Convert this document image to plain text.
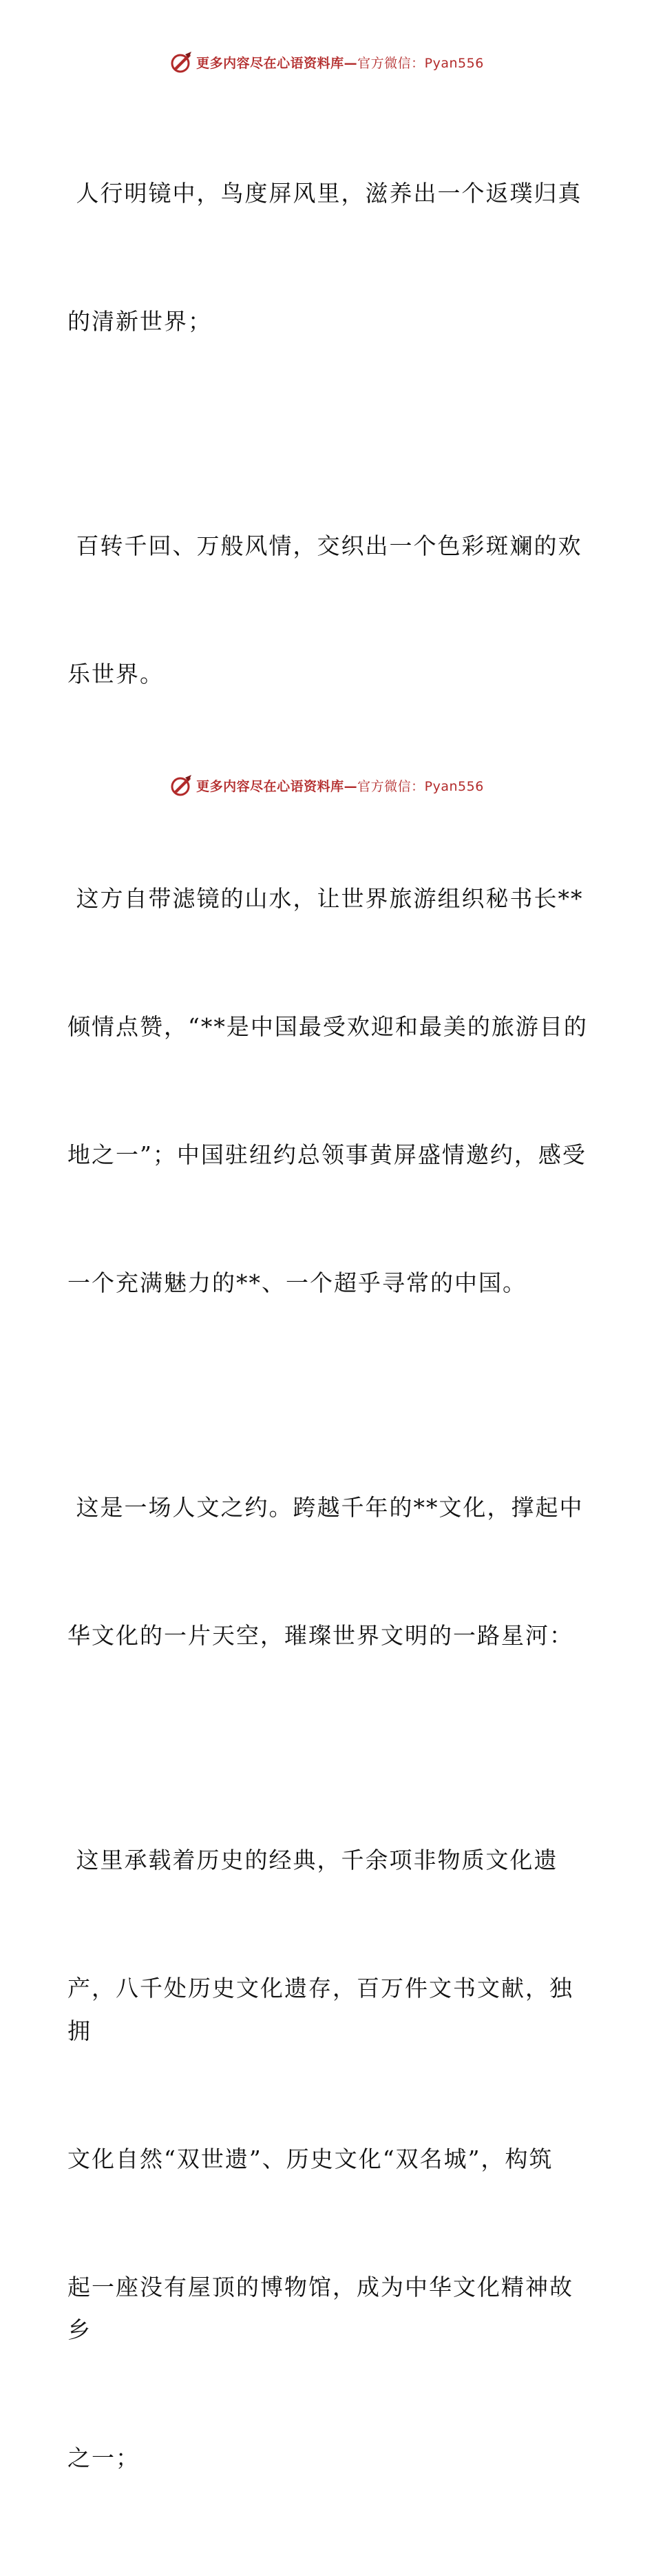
更多内容尽在心语资料库—官方微信：Pyan556

人行明镜中，鸟度屏风里，滋养出一个返璞归真

的清新世界；

百转千回、万般风情，交织出一个色彩斑斓的欢

乐世界。

这方自带滤镜的山水，让世界旅游组织秘书长**

倾情点赞，“**是中国最受欢迎和最美的旅游目的

地之一”；中国驻纽约总领事黄屏盛情邀约，感受

一个充满魅力的**、一个超乎寻常的中国。

这是一场人文之约。跨越千年的**文化，撑起中

华文化的一片天空，璀璨世界文明的一路星河：

这里承载着历史的经典，千余项非物质文化遗

产，八千处历史文化遗存，百万件文书文献，独拥

文化自然“双世遗”、历史文化“双名城”，构筑

起一座没有屋顶的博物馆，成为中华文化精神故乡

之一；

更多内容尽在心语资料库—官方微信：Pyan556
